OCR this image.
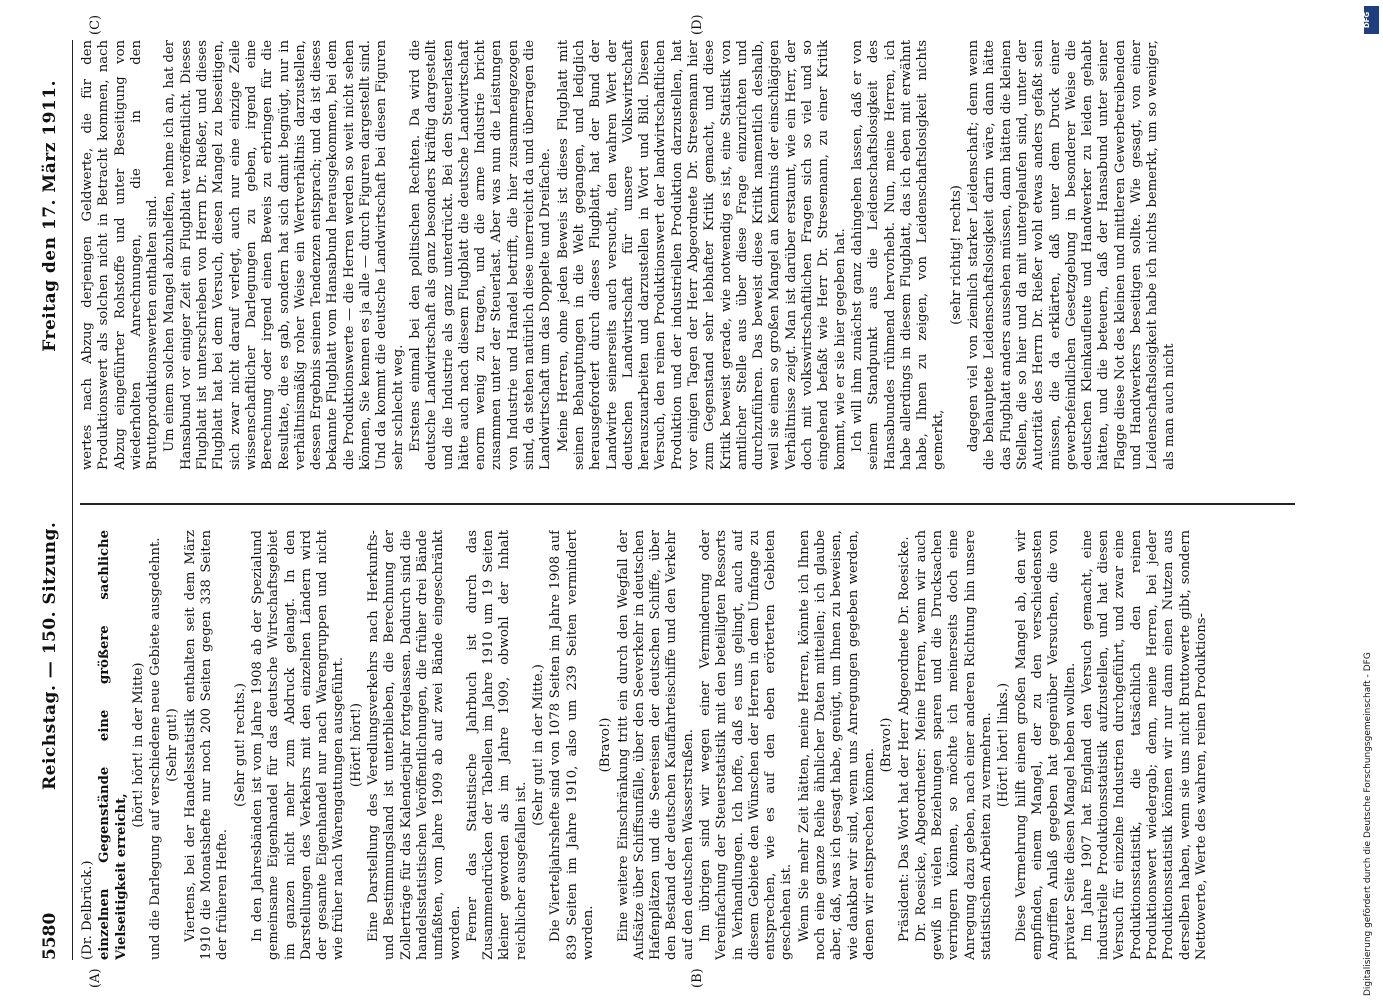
5580
Reichstag. — 150. Sitzung.
Freitag den 17. März 1911.
(A)	(B)
(C)	(D)

(Dr. Delbrück.) einzelnen Gegenstände eine größere sachliche Vielseitigkeit erreicht,

(hört! hört! in der Mitte) und die Darlegung auf verschiedene neue Gebiete ausgedehnt. (Sehr gut!) Viertens, bei der Handelsstatistik enthalten seit dem März 1910 die Monatshefte nur noch 200 Seiten gegen 338 Seiten der früheren Hefte.

(Sehr gut! rechts.) In den Jahresbänden ist vom Jahre 1908 ab der Spezialund gemeinsame Eigenhandel für das deutsche Wirtschaftsgebiet im ganzen nicht mehr zum Abdruck gelangt. In den Darstellungen des Verkehrs mit den einzelnen Ländern wird der gesamte Eigenhandel nur nach Warengruppen und nicht wie früher nach Warengattungen ausgeführt. (Hört! hört!) Eine Darstellung des Veredlungsverkehrs nach Herkunfts- und Bestimmungsland ist unterblieben, die Berechnung der Zollerträge für das Kalenderjahr fortgelassen. Dadurch sind die handelsstatistischen Veröffentlichungen, die früher drei Bände umfaßten, vom Jahre 1909 ab auf zwei Bände eingeschränkt worden. Ferner das Statistische Jahrbuch ist durch das Zusammendrücken der Tabellen im Jahre 1910 um 19 Seiten kleiner geworden als im Jahre 1909, obwohl der Inhalt reichlicher ausgefallen ist.

(Sehr gut! in der Mitte.) Die Vierteljahrshefte sind von 1078 Seiten im Jahre 1908 auf 839 Seiten im Jahre 1910, also um 239 Seiten vermindert worden.

(Bravo!) Eine weitere Einschränkung tritt ein durch den Wegfall der Aufsätze über Schiffsunfälle, über den Seeverkehr in deutschen Hafenplätzen und die Seereisen der deutschen Schiffe, über den Bestand der deutschen Kauffahrteischiffe und den Verkehr auf den deutschen Wasserstraßen. Im übrigen sind wir wegen einer Verminderung oder Vereinfachung der Steuerstatistik mit den beteiligten Ressorts in Verhandlungen. Ich hoffe, daß es uns gelingt, auch auf diesem Gebiete den Wünschen der Herren in dem Umfange zu entsprechen, wie es auf den eben erörterten Gebieten geschehen ist. Wenn Sie mehr Zeit hätten, meine Herren, könnte ich Ihnen noch eine ganze Reihe ähnlicher Daten mitteilen; ich glaube aber, daß, was ich gesagt habe, genügt, um Ihnen zu beweisen, wie dankbar wir sind, wenn uns Anregungen gegeben werden, denen wir entsprechen können.

(Bravo!) Präsident: Das Wort hat der Herr Abgeordnete Dr. Roesicke. Dr. Roesicke, Abgeordneter: Meine Herren, wenn wir auch gewiß in vielen Beziehungen sparen und die Drucksachen verringern können, so möchte ich meinerseits doch eine Anregung dazu geben, nach einer anderen Richtung hin unsere statistischen Arbeiten zu vermehren. (Hört! hört! links.) Diese Vermehrung hilft einem großen Mangel ab, den wir empfinden, einem Mangel, der zu den verschiedensten Angriffen Anlaß gegeben hat gegenüber Versuchen, die von privater Seite diesen Mangel heben wollten. Im Jahre 1907 hat England den Versuch gemacht, eine industrielle Produktionsstatistik aufzustellen, und hat diesen Versuch für einzelne Industrien durchgeführt, und zwar eine Produktionsstatistik, die tatsächlich den reinen Produktionswert wiedergab; denn, meine Herren, bei jeder Produktionsstatistik können wir nur dann einen Nutzen aus derselben haben, wenn sie uns nicht Bruttowerte gibt, sondern Nettowerte, Werte des wahren, reinen Produktions-

wertes nach Abzug derjenigen Geldwerte, die für den Produktionswert als solchen nicht in Betracht kommen, nach Abzug eingeführter Rohstoffe und unter Beseitigung von wiederholten Anrechnungen, die in den Bruttoproduktionswerten enthalten sind. Um einem solchen Mangel abzuhelfen, nehme ich an, hat der Hansabund vor einiger Zeit ein Flugblatt veröffentlicht. Dieses Flugblatt ist unterschrieben von Herrn Dr. Rießer, und dieses Flugblatt hat bei dem Versuch, diesen Mangel zu beseitigen, sich zwar nicht darauf verlegt, auch nur eine einzige Zeile wissenschaftlicher Darlegungen zu geben, irgend eine Berechnung oder irgend einen Beweis zu erbringen für die Resultate, die es gab, sondern hat sich damit begnügt, nur in verhältnismäßig roher Weise ein Wertverhältnis darzustellen, dessen Ergebnis seinen Tendenzen entsprach; und da ist dieses bekannte Flugblatt vom Hansabund herausgekommen, bei dem die Produktionswerte — die Herren werden so weit nicht sehen können, Sie kennen es ja alle — durch Figuren dargestellt sind. Und da kommt die deutsche Landwirtschaft bei diesen Figuren sehr schlecht weg. Erstens einmal bei den politischen Rechten. Da wird die deutsche Landwirtschaft als ganz besonders kräftig dargestellt und die Industrie als ganz unterdrückt. Bei den Steuerlasten hätte auch nach diesem Flugblatt die deutsche Landwirtschaft enorm wenig zu tragen, und die arme Industrie bricht zusammen unter der Steuerlast. Aber was nun die Leistungen von Industrie und Handel betrifft, die hier zusammengezogen sind, da stehen natürlich diese unerreicht da und überragen die Landwirtschaft um das Doppelte und Dreifache. Meine Herren, ohne jeden Beweis ist dieses Flugblatt mit seinen Behauptungen in die Welt gegangen, und lediglich herausgefordert durch dieses Flugblatt, hat der Bund der Landwirte seinerseits auch versucht, den wahren Wert der deutschen Landwirtschaft für unsere Volkswirtschaft herauszuarbeiten und darzustellen in Wort und Bild. Diesen Versuch, den reinen Produktionswert der landwirtschaftlichen Produktion und der industriellen Produktion darzustellen, hat vor einigen Tagen der Herr Abgeordnete Dr. Stresemann hier zum Gegenstand sehr lebhafter Kritik gemacht, und diese Kritik beweist gerade, wie notwendig es ist, eine Statistik von amtlicher Stelle aus über diese Frage einzurichten und durchzuführen. Das beweist diese Kritik namentlich deshalb, weil sie einen so großen Mangel an Kenntnis der einschlägigen Verhältnisse zeigt. Man ist darüber erstaunt, wie ein Herr, der doch mit volkswirtschaftlichen Fragen sich so viel und so eingehend befaßt wie Herr Dr. Stresemann, zu einer Kritik kommt, wie er sie hier gegeben hat. Ich will ihm zunächst ganz dahingehen lassen, daß er von seinem Standpunkt aus die Leidenschaftslosigkeit des Hansabundes rühmend hervorhebt. Nun, meine Herren, ich habe allerdings in diesem Flugblatt, das ich eben mit erwähnt habe, Ihnen zu zeigen, von Leidenschaftslosigkeit nichts gemerkt,

(sehr richtig! rechts) dagegen viel von ziemlich starker Leidenschaft; denn wenn die behauptete Leidenschaftslosigkeit darin wäre, dann hätte das Flugblatt anders aussehen müssen, dann hätten die kleinen Stellen, die so hier und da mit untergelaufen sind, unter der Autorität des Herrn Dr. Rießer wohl etwas anders gefaßt sein müssen, die da erklärten, daß unter dem Druck einer gewerbefeindlichen Gesetzgebung in besonderer Weise die deutschen Kleinkaufleute und Handwerker zu leiden gehabt hätten, und die beteuern, daß der Hansabund unter seiner Flagge diese Not des kleinen und mittleren Gewerbetreibenden und Handwerkers beseitigen sollte. Wie gesagt, von einer Leidenschaftslosigkeit habe ich nichts bemerkt, um so weniger, als man auch nicht

DFG
Digitalisierung gefördert durch die Deutsche Forschungsgemeinschaft - DFG
